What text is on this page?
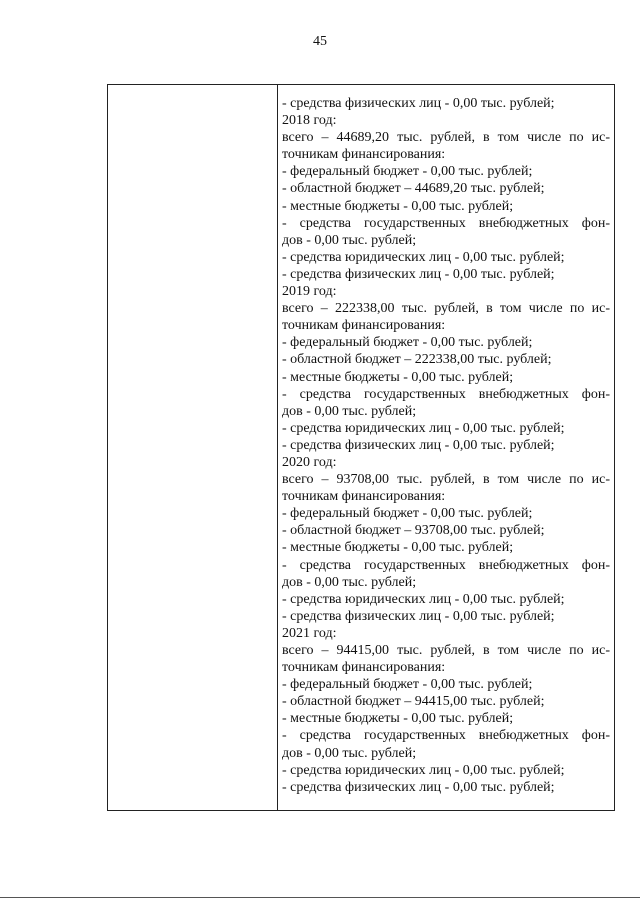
45
- средства физических лиц - 0,00 тыс. рублей;
2018 год:
всего – 44689,20 тыс. рублей, в том числе по ис-
точникам финансирования:
- федеральный бюджет - 0,00 тыс. рублей;
- областной бюджет – 44689,20 тыс. рублей;
- местные бюджеты - 0,00 тыс. рублей;
- средства государственных внебюджетных фон-
дов - 0,00 тыс. рублей;
- средства юридических лиц - 0,00 тыс. рублей;
- средства физических лиц - 0,00 тыс. рублей;
2019 год:
всего – 222338,00 тыс. рублей, в том числе по ис-
точникам финансирования:
- федеральный бюджет - 0,00 тыс. рублей;
- областной бюджет – 222338,00 тыс. рублей;
- местные бюджеты - 0,00 тыс. рублей;
- средства государственных внебюджетных фон-
дов - 0,00 тыс. рублей;
- средства юридических лиц - 0,00 тыс. рублей;
- средства физических лиц - 0,00 тыс. рублей;
2020 год:
всего – 93708,00 тыс. рублей, в том числе по ис-
точникам финансирования:
- федеральный бюджет - 0,00 тыс. рублей;
- областной бюджет – 93708,00 тыс. рублей;
- местные бюджеты - 0,00 тыс. рублей;
- средства государственных внебюджетных фон-
дов - 0,00 тыс. рублей;
- средства юридических лиц - 0,00 тыс. рублей;
- средства физических лиц - 0,00 тыс. рублей;
2021 год:
всего – 94415,00 тыс. рублей, в том числе по ис-
точникам финансирования:
- федеральный бюджет - 0,00 тыс. рублей;
- областной бюджет – 94415,00 тыс. рублей;
- местные бюджеты - 0,00 тыс. рублей;
- средства государственных внебюджетных фон-
дов - 0,00 тыс. рублей;
- средства юридических лиц - 0,00 тыс. рублей;
- средства физических лиц - 0,00 тыс. рублей;
